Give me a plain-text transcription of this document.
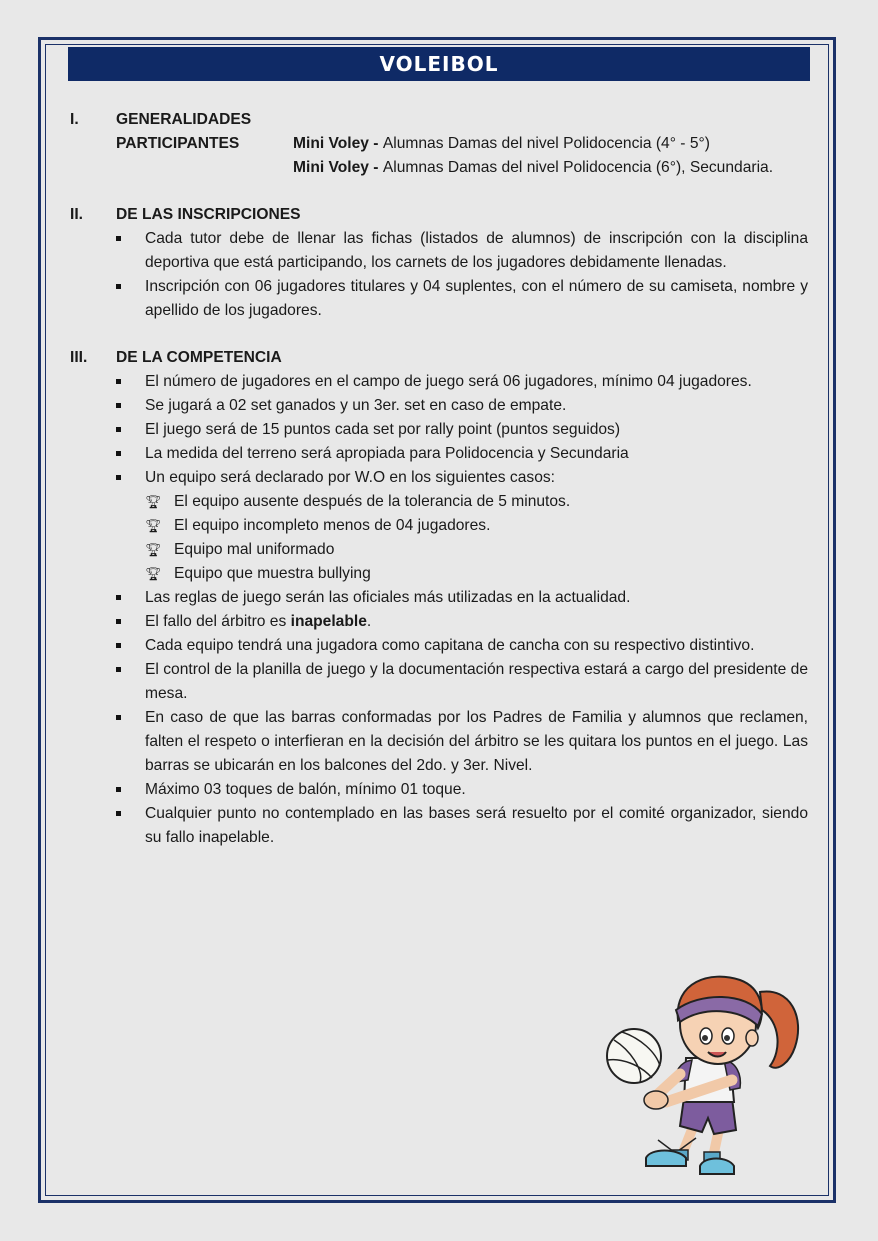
VOLEIBOL
I.	GENERALIDADES
PARTICIPANTES	Mini Voley - Alumnas Damas del nivel Polidocencia (4° - 5°)
Mini Voley - Alumnas Damas del nivel Polidocencia (6°), Secundaria.
II.	DE LAS INSCRIPCIONES
Cada tutor debe de llenar las fichas (listados de alumnos) de inscripción con la disciplina deportiva que está participando, los carnets de los jugadores debidamente llenadas.
Inscripción con 06 jugadores titulares y 04 suplentes, con el número de su camiseta, nombre y apellido de los jugadores.
III.	DE LA COMPETENCIA
El número de jugadores en el campo de juego será 06 jugadores, mínimo 04 jugadores.
Se jugará a 02 set ganados y un 3er. set en caso de empate.
El juego será de 15 puntos cada set por rally point (puntos seguidos)
La medida del terreno será apropiada para Polidocencia y Secundaria
Un equipo será declarado por W.O en los siguientes casos:
🏆︎ El equipo ausente después de la tolerancia de 5 minutos.
🏆︎ El equipo incompleto menos de 04 jugadores.
🏆︎ Equipo mal uniformado
🏆︎ Equipo que muestra bullying
Las reglas de juego serán las oficiales más utilizadas en la actualidad.
El fallo del árbitro es inapelable.
Cada equipo tendrá una jugadora como capitana de cancha con su respectivo distintivo.
El control de la planilla de juego y la documentación respectiva estará a cargo del presidente de mesa.
En caso de que las barras conformadas por los Padres de Familia y alumnos que reclamen, falten el respeto o interfieran en la decisión del árbitro se les quitara los puntos en el juego. Las barras se ubicarán en los balcones del 2do. y 3er. Nivel.
Máximo 03 toques de balón, mínimo 01 toque.
Cualquier punto no contemplado en las bases será resuelto por el comité organizador, siendo su fallo inapelable.
